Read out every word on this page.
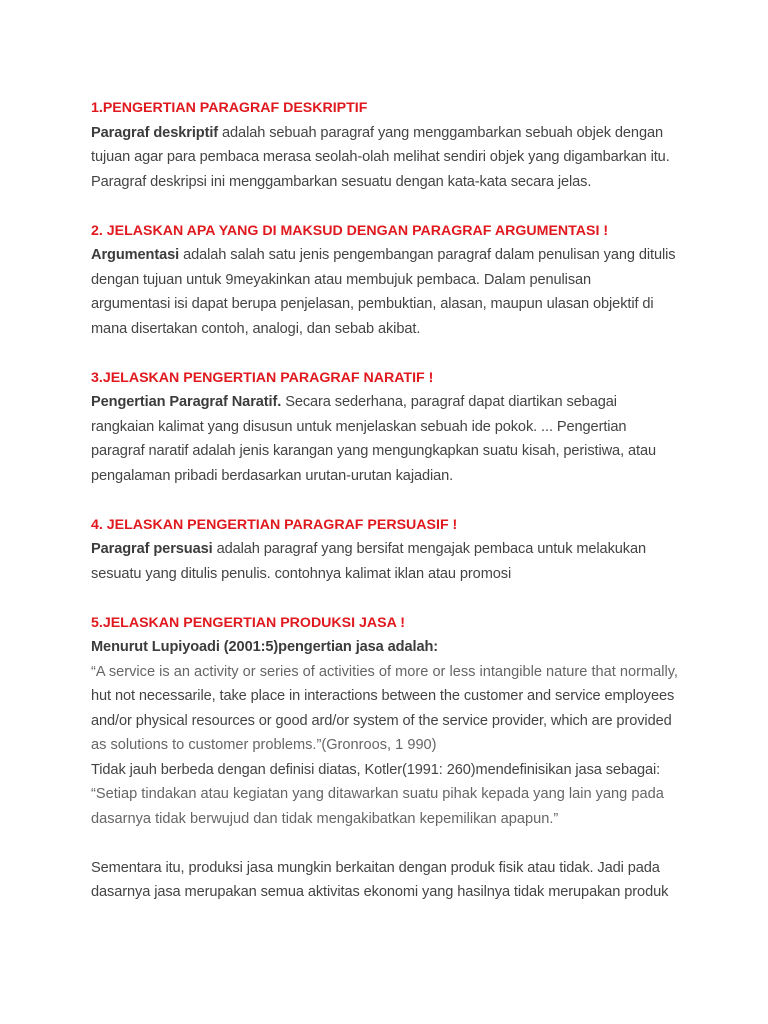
1.PENGERTIAN PARAGRAF DESKRIPTIF
Paragraf deskriptif adalah sebuah paragraf yang menggambarkan sebuah objek dengan
tujuan agar para pembaca merasa seolah-olah melihat sendiri objek yang digambarkan itu.
Paragraf deskripsi ini menggambarkan sesuatu dengan kata-kata secara jelas.
2. JELASKAN APA YANG DI MAKSUD DENGAN PARAGRAF ARGUMENTASI !
Argumentasi adalah salah satu jenis pengembangan paragraf dalam penulisan yang ditulis
dengan tujuan untuk 9meyakinkan atau membujuk pembaca. Dalam penulisan
argumentasi isi dapat berupa penjelasan, pembuktian, alasan, maupun ulasan objektif di
mana disertakan contoh, analogi, dan sebab akibat.
3.JELASKAN PENGERTIAN PARAGRAF NARATIF !
Pengertian Paragraf Naratif. Secara sederhana, paragraf dapat diartikan sebagai
rangkaian kalimat yang disusun untuk menjelaskan sebuah ide pokok. ... Pengertian
paragraf naratif adalah jenis karangan yang mengungkapkan suatu kisah, peristiwa, atau
pengalaman pribadi berdasarkan urutan-urutan kajadian.
4. JELASKAN PENGERTIAN PARAGRAF PERSUASIF !
Paragraf persuasi adalah paragraf yang bersifat mengajak pembaca untuk melakukan
sesuatu yang ditulis penulis. contohnya kalimat iklan atau promosi
5.JELASKAN PENGERTIAN PRODUKSI JASA !
Menurut Lupiyoadi (2001:5)pengertian jasa adalah:
“A service is an activity or series of activities of more or less intangible nature that normally,
hut not necessarile, take place in interactions between the customer and service employees
and/or physical resources or good ard/or system of the service provider, which are provided
as solutions to customer problems.”(Gronroos, 1 990)
Tidak jauh berbeda dengan definisi diatas, Kotler(1991: 260)mendefinisikan jasa sebagai:
“Setiap tindakan atau kegiatan yang ditawarkan suatu pihak kepada yang lain yang pada
dasarnya tidak berwujud dan tidak mengakibatkan kepemilikan apapun.”
Sementara itu, produksi jasa mungkin berkaitan dengan produk fisik atau tidak. Jadi pada
dasarnya jasa merupakan semua aktivitas ekonomi yang hasilnya tidak merupakan produk
